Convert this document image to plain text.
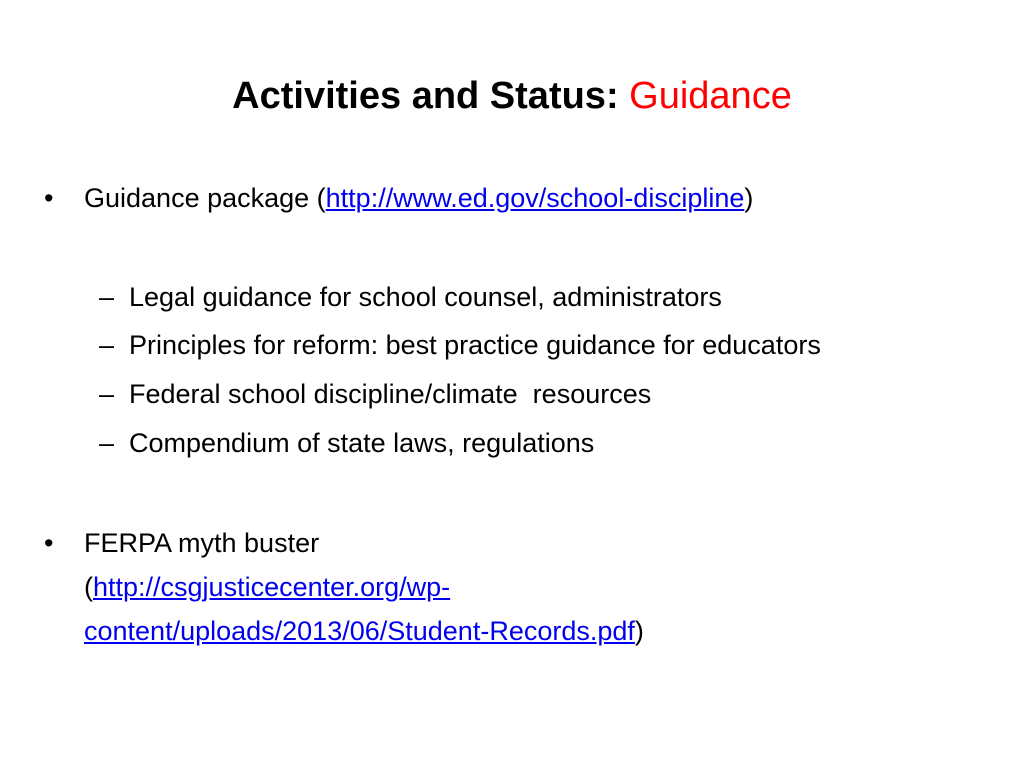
Activities and Status: Guidance
• Guidance package (http://www.ed.gov/school-discipline)
– Legal guidance for school counsel, administrators
– Principles for reform: best practice guidance for educators
– Federal school discipline/climate  resources
– Compendium of state laws, regulations
• FERPA myth buster
(http://csgjusticecenter.org/wp-
content/uploads/2013/06/Student-Records.pdf)
